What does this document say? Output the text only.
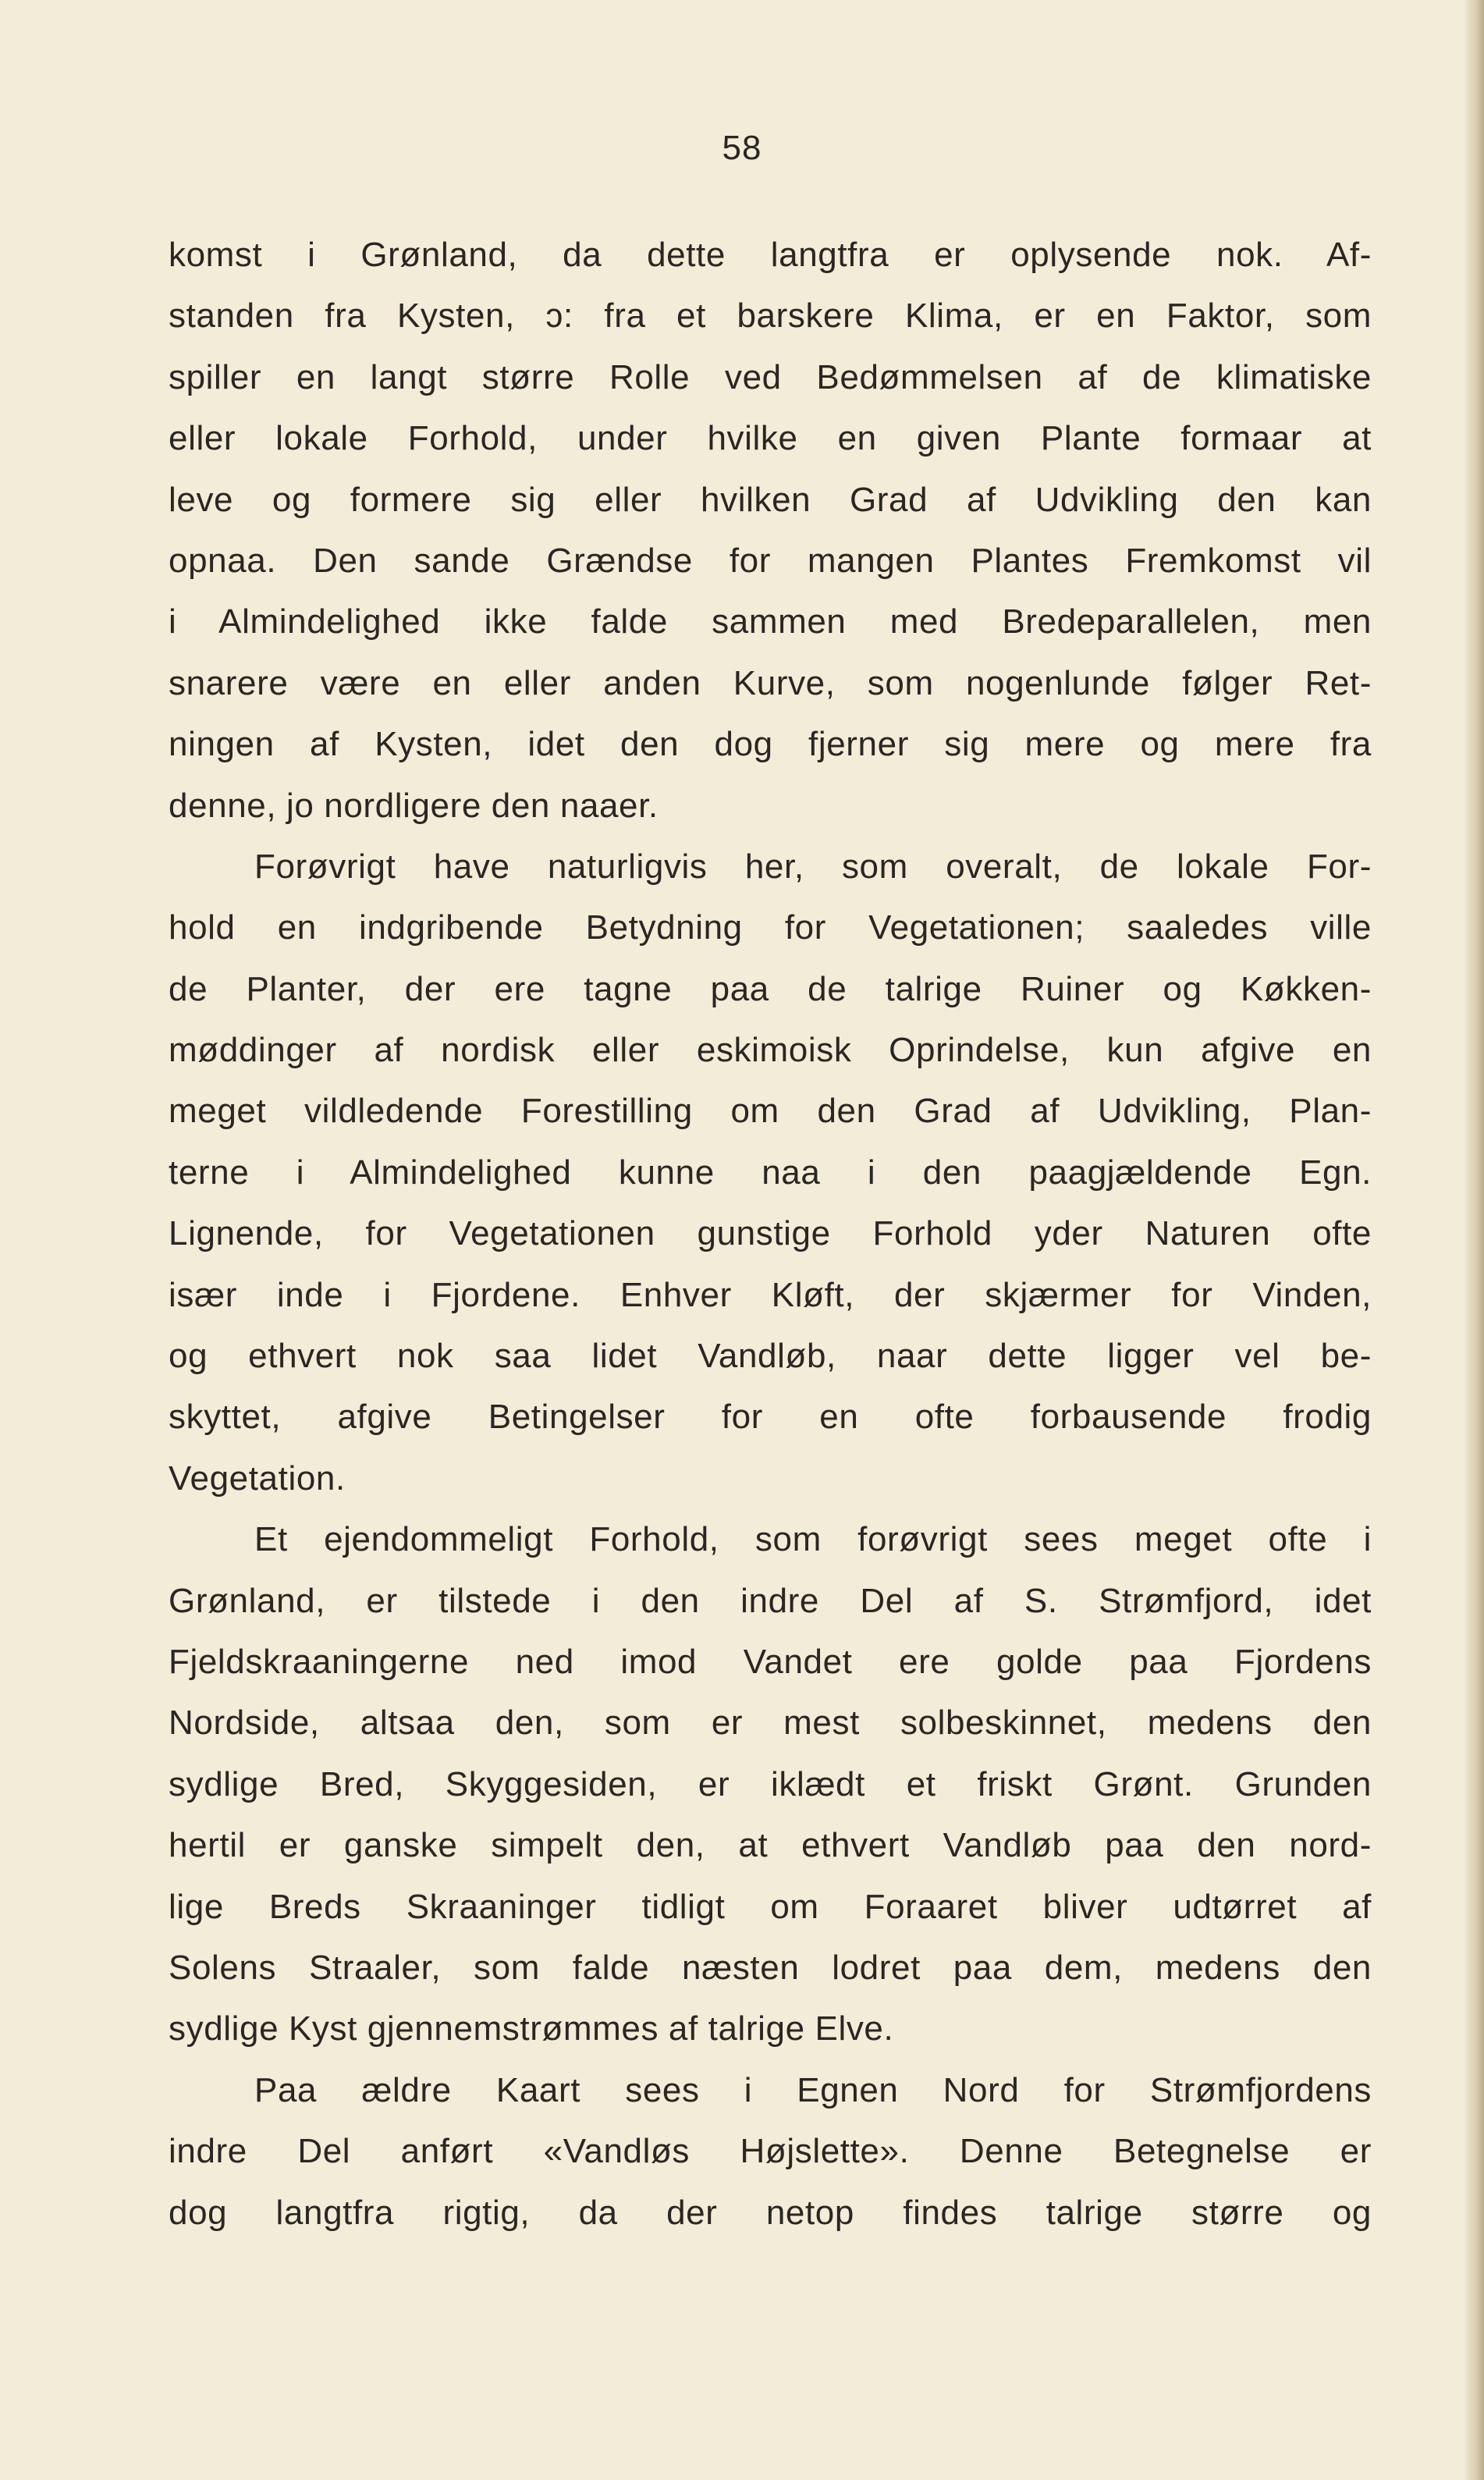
58
komst i Grønland, da dette langtfra er oplysende nok. Af-
standen fra Kysten, ɔ: fra et barskere Klima, er en Faktor, som
spiller en langt større Rolle ved Bedømmelsen af de klimatiske
eller lokale Forhold, under hvilke en given Plante formaar at
leve og formere sig eller hvilken Grad af Udvikling den kan
opnaa. Den sande Grændse for mangen Plantes Fremkomst vil
i Almindelighed ikke falde sammen med Bredeparallelen, men
snarere være en eller anden Kurve, som nogenlunde følger Ret-
ningen af Kysten, idet den dog fjerner sig mere og mere fra
denne, jo nordligere den naaer.
Forøvrigt have naturligvis her, som overalt, de lokale For-
hold en indgribende Betydning for Vegetationen; saaledes ville
de Planter, der ere tagne paa de talrige Ruiner og Køkken-
møddinger af nordisk eller eskimoisk Oprindelse, kun afgive en
meget vildledende Forestilling om den Grad af Udvikling, Plan-
terne i Almindelighed kunne naa i den paagjældende Egn.
Lignende, for Vegetationen gunstige Forhold yder Naturen ofte
især inde i Fjordene. Enhver Kløft, der skjærmer for Vinden,
og ethvert nok saa lidet Vandløb, naar dette ligger vel be-
skyttet, afgive Betingelser for en ofte forbausende frodig
Vegetation.
Et ejendommeligt Forhold, som forøvrigt sees meget ofte i
Grønland, er tilstede i den indre Del af S. Strømfjord, idet
Fjeldskraaningerne ned imod Vandet ere golde paa Fjordens
Nordside, altsaa den, som er mest solbeskinnet, medens den
sydlige Bred, Skyggesiden, er iklædt et friskt Grønt. Grunden
hertil er ganske simpelt den, at ethvert Vandløb paa den nord-
lige Breds Skraaninger tidligt om Foraaret bliver udtørret af
Solens Straaler, som falde næsten lodret paa dem, medens den
sydlige Kyst gjennemstrømmes af talrige Elve.
Paa ældre Kaart sees i Egnen Nord for Strømfjordens
indre Del anført «Vandløs Højslette». Denne Betegnelse er
dog langtfra rigtig, da der netop findes talrige større og
